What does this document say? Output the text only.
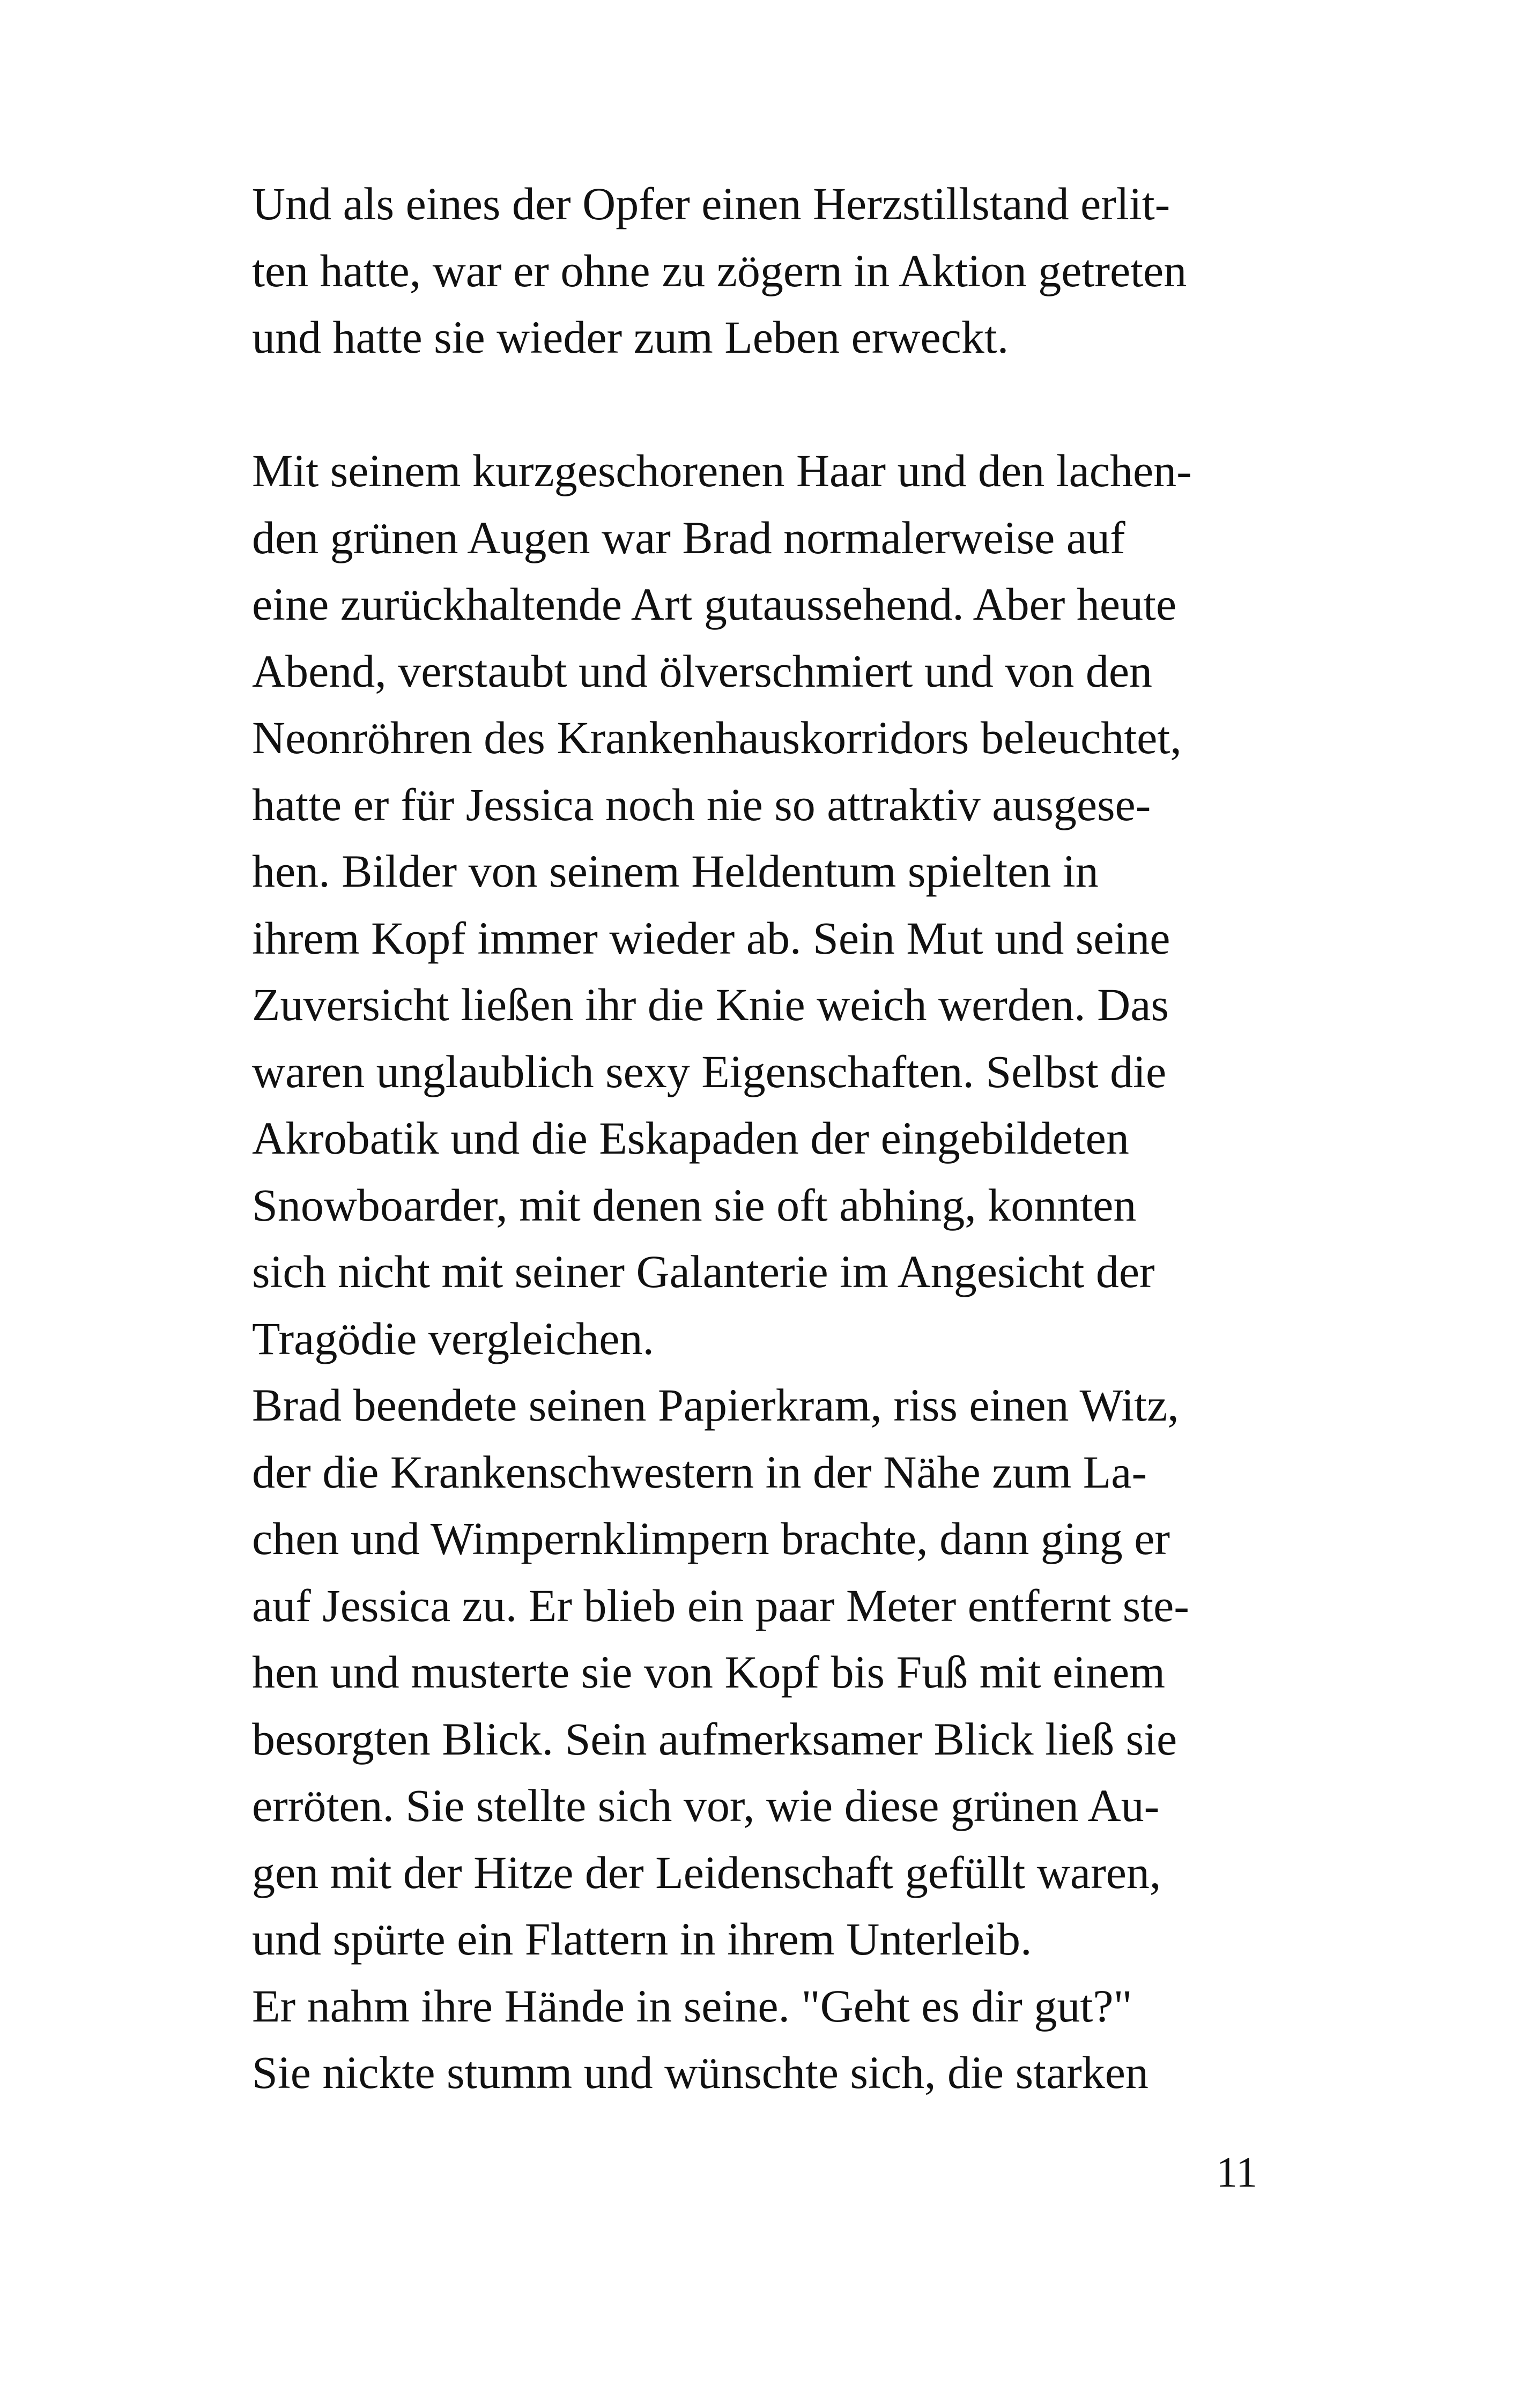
Und als eines der Opfer einen Herzstillstand erlit-
ten hatte, war er ohne zu zögern in Aktion getreten
und hatte sie wieder zum Leben erweckt.
Mit seinem kurzgeschorenen Haar und den lachen-
den grünen Augen war Brad normalerweise auf
eine zurückhaltende Art gutaussehend. Aber heute
Abend, verstaubt und ölverschmiert und von den
Neonröhren des Krankenhauskorridors beleuchtet,
hatte er für Jessica noch nie so attraktiv ausgese-
hen. Bilder von seinem Heldentum spielten in
ihrem Kopf immer wieder ab. Sein Mut und seine
Zuversicht ließen ihr die Knie weich werden. Das
waren unglaublich sexy Eigenschaften. Selbst die
Akrobatik und die Eskapaden der eingebildeten
Snowboarder, mit denen sie oft abhing, konnten
sich nicht mit seiner Galanterie im Angesicht der
Tragödie vergleichen.
Brad beendete seinen Papierkram, riss einen Witz,
der die Krankenschwestern in der Nähe zum La-
chen und Wimpernklimpern brachte, dann ging er
auf Jessica zu. Er blieb ein paar Meter entfernt ste-
hen und musterte sie von Kopf bis Fuß mit einem
besorgten Blick. Sein aufmerksamer Blick ließ sie
erröten. Sie stellte sich vor, wie diese grünen Au-
gen mit der Hitze der Leidenschaft gefüllt waren,
und spürte ein Flattern in ihrem Unterleib.
Er nahm ihre Hände in seine. "Geht es dir gut?"
Sie nickte stumm und wünschte sich, die starken
11
